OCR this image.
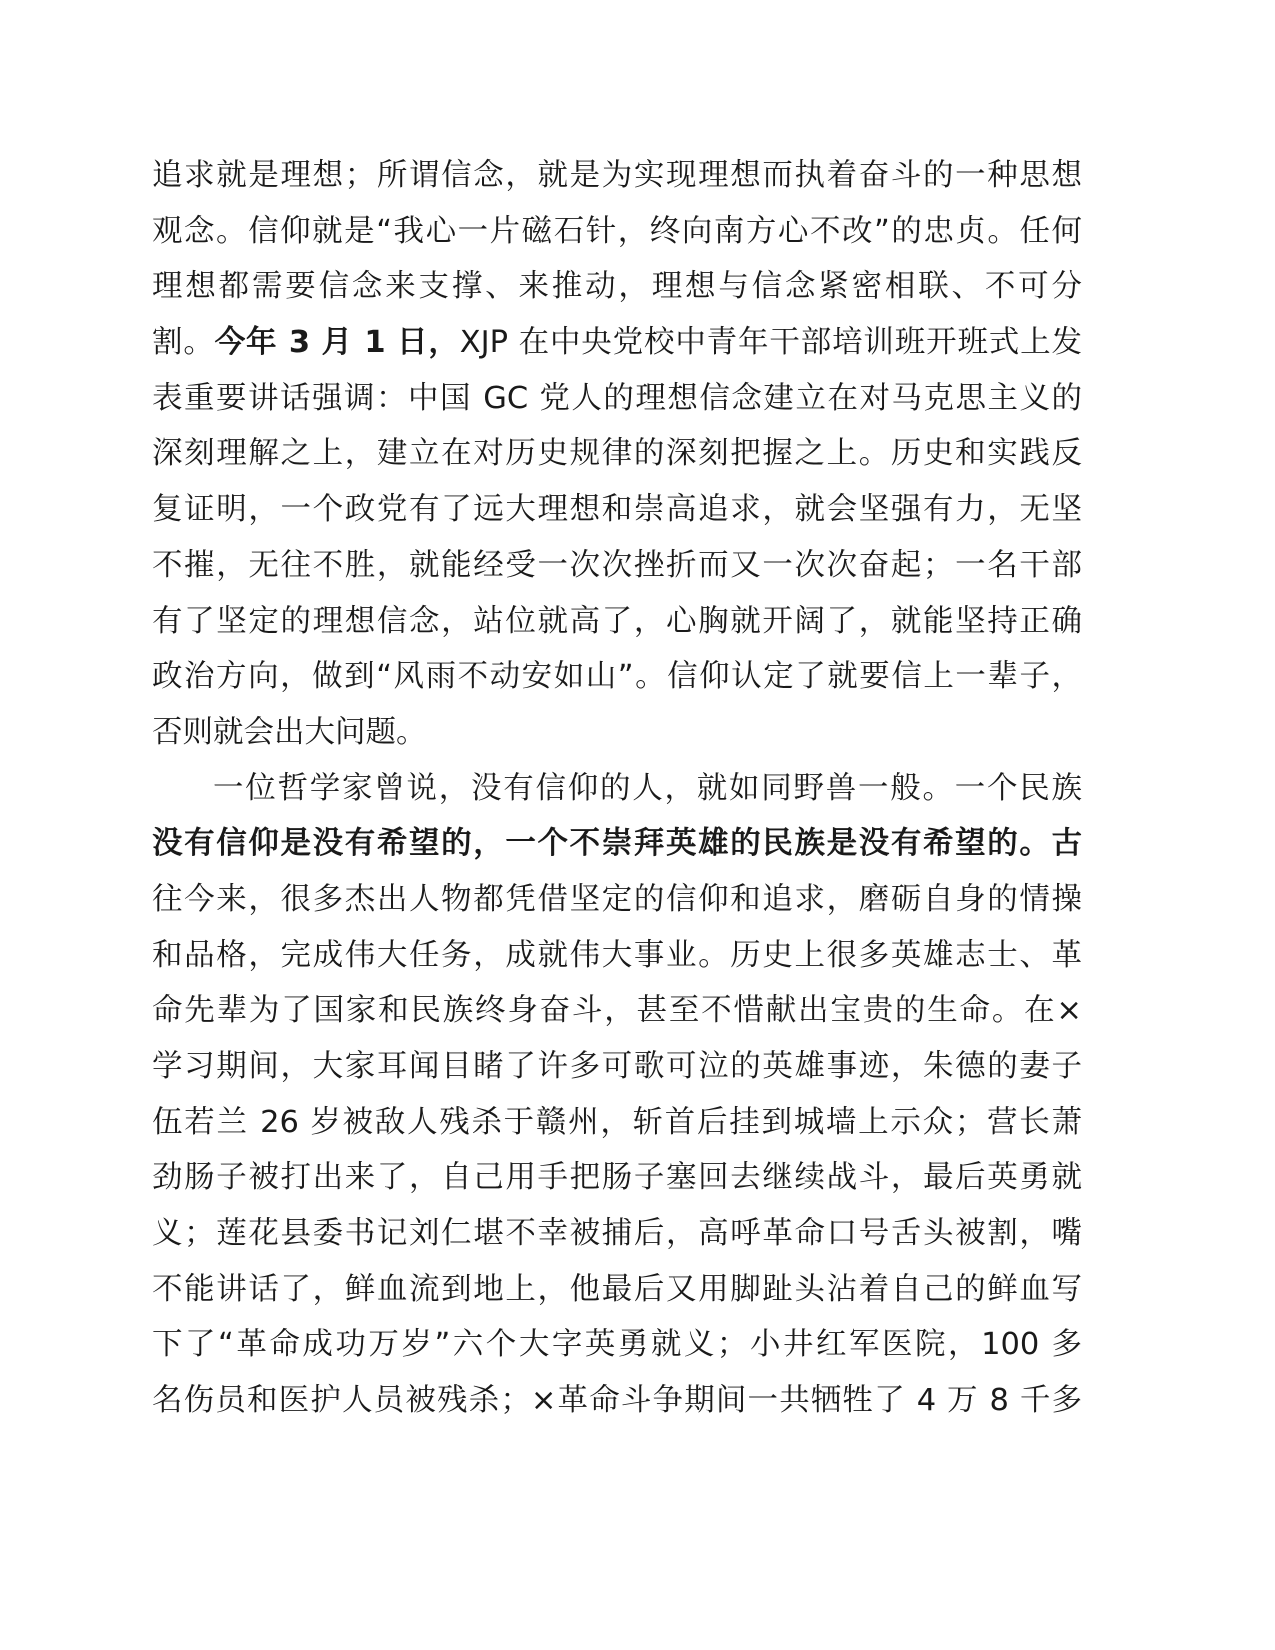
追求就是理想；所谓信念，就是为实现理想而执着奋斗的一种思想
观念。信仰就是“我心一片磁石针，终向南方心不改”的忠贞。任何
理想都需要信念来支撑、来推动，理想与信念紧密相联、不可分
割。今年 3 月 1 日，XJP 在中央党校中青年干部培训班开班式上发
表重要讲话强调：中国 GC 党人的理想信念建立在对马克思主义的
深刻理解之上，建立在对历史规律的深刻把握之上。历史和实践反
复证明，一个政党有了远大理想和崇高追求，就会坚强有力，无坚
不摧，无往不胜，就能经受一次次挫折而又一次次奋起；一名干部
有了坚定的理想信念，站位就高了，心胸就开阔了，就能坚持正确
政治方向，做到“风雨不动安如山”。信仰认定了就要信上一辈子，
否则就会出大问题。
一位哲学家曾说，没有信仰的人，就如同野兽一般。一个民族
没有信仰是没有希望的，一个不崇拜英雄的民族是没有希望的。古
往今来，很多杰出人物都凭借坚定的信仰和追求，磨砺自身的情操
和品格，完成伟大任务，成就伟大事业。历史上很多英雄志士、革
命先辈为了国家和民族终身奋斗，甚至不惜献出宝贵的生命。在×
学习期间，大家耳闻目睹了许多可歌可泣的英雄事迹，朱德的妻子
伍若兰 26 岁被敌人残杀于赣州，斩首后挂到城墙上示众；营长萧
劲肠子被打出来了，自己用手把肠子塞回去继续战斗，最后英勇就
义；莲花县委书记刘仁堪不幸被捕后，高呼革命口号舌头被割，嘴
不能讲话了，鲜血流到地上，他最后又用脚趾头沾着自己的鲜血写
下了“革命成功万岁”六个大字英勇就义；小井红军医院，100 多
名伤员和医护人员被残杀；×革命斗争期间一共牺牲了 4 万 8 千多
